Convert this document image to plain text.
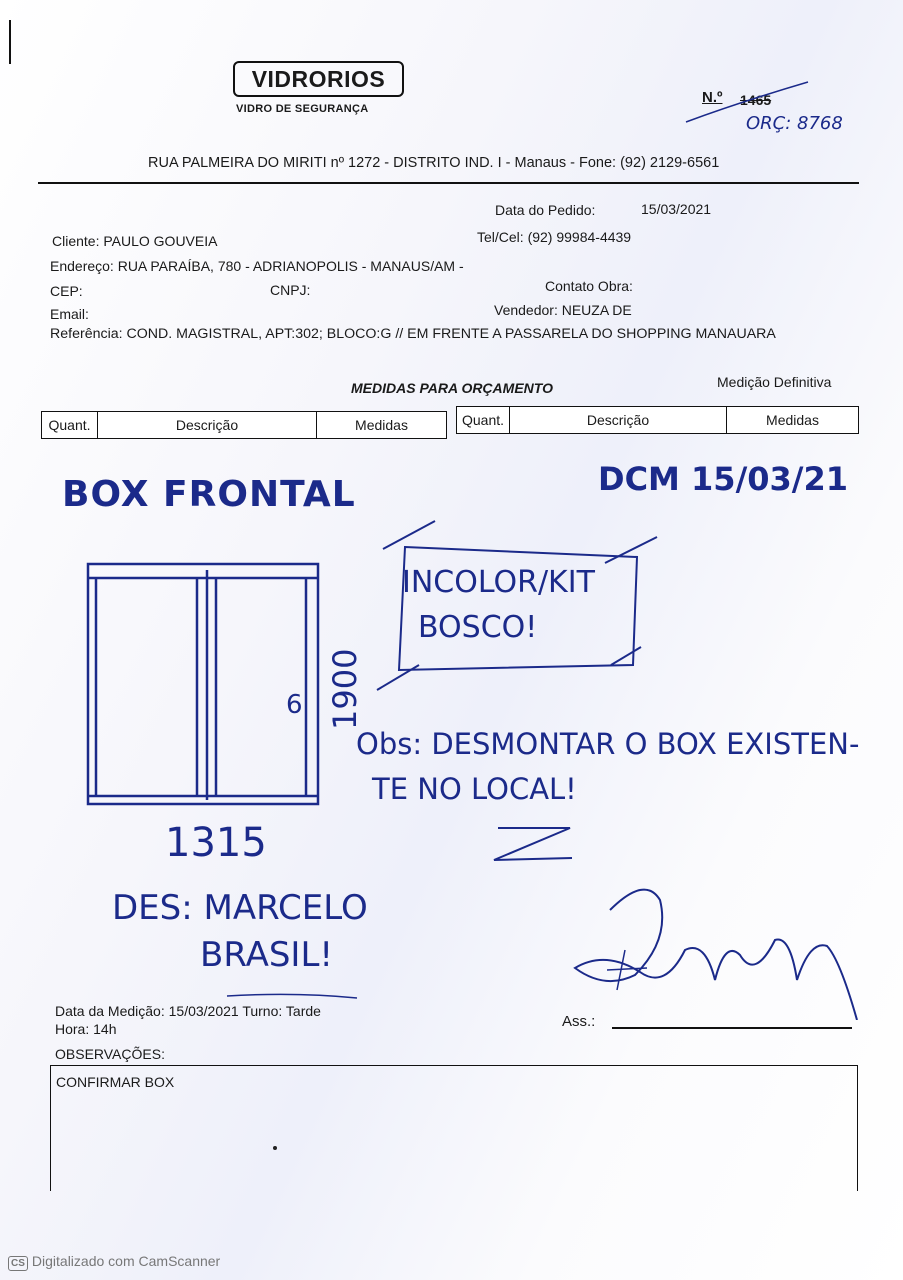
VIDRORIOS
VIDRO DE SEGURANÇA
N.º 1465
ORÇ: 8768
RUA PALMEIRA DO MIRITI nº 1272 - DISTRITO IND. I - Manaus - Fone: (92) 2129-6561
Data do Pedido:	15/03/2021
Cliente: PAULO GOUVEIA	Tel/Cel: (92) 99984-4439
Endereço: RUA PARAÍBA, 780 - ADRIANOPOLIS - MANAUS/AM -
CEP:	CNPJ:	Contato Obra:
Email:	Vendedor: NEUZA DE
Referência: COND. MAGISTRAL, APT:302; BLOCO:G // EM FRENTE A PASSARELA DO SHOPPING MANAUARA
MEDIDAS PARA ORÇAMENTO	Medição Definitiva
Quant.	Descrição	Medidas	Quant.	Descrição	Medidas
BOX FRONTAL	DCM 15/03/21
6 1900
1315
INCOLOR/KIT
BOSCO!
Obs: DESMONTAR O BOX EXISTEN-
TE NO LOCAL!
DES: MARCELO
BRASIL!
Data da Medição: 15/03/2021 Turno: Tarde
Hora: 14h	Ass.:
OBSERVAÇÕES:
CONFIRMAR BOX
CS Digitalizado com CamScanner
